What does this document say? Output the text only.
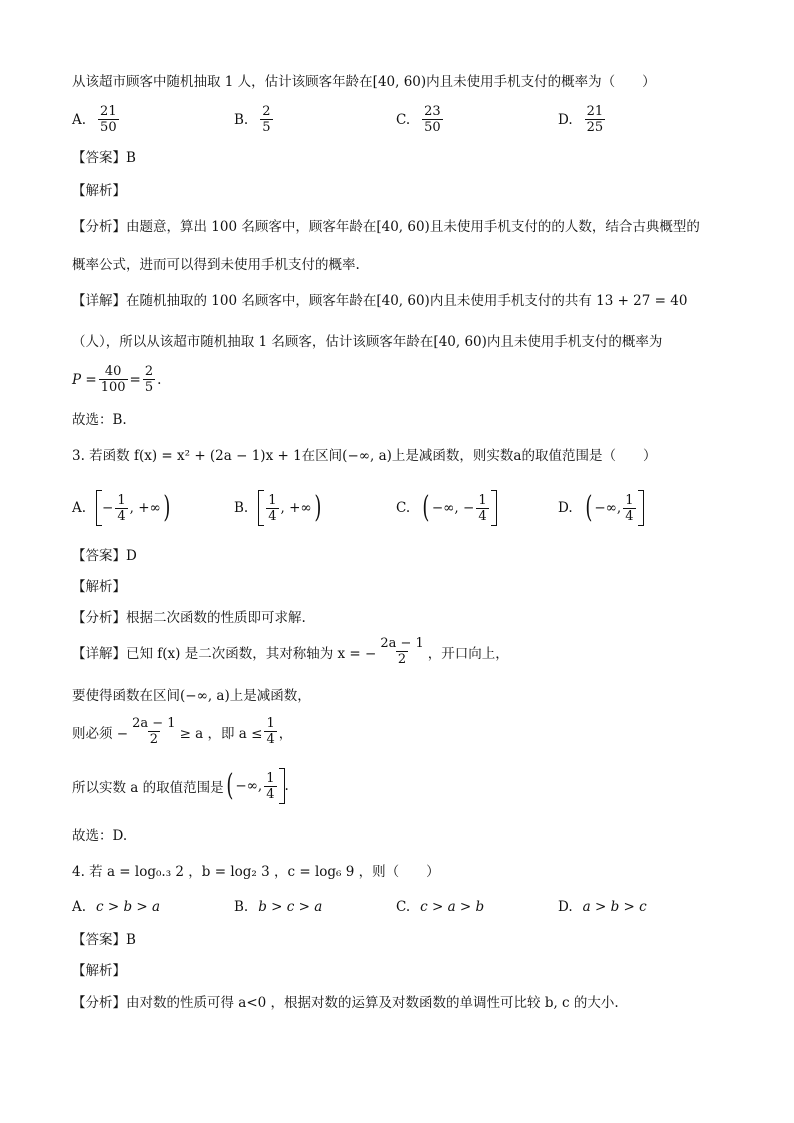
从该超市顾客中随机抽取 1 人，估计该顾客年龄在[40, 60)内且未使用手机支付的概率为（　　）
A. $\frac{21}{50}$	B. $\frac{2}{5}$	C. $\frac{23}{50}$	D. $\frac{21}{25}$
【答案】B
【解析】
【分析】由题意，算出 100 名顾客中，顾客年龄在[40, 60)且未使用手机支付的的人数，结合古典概型的
概率公式，进而可以得到未使用手机支付的概率.
【详解】在随机抽取的 100 名顾客中，顾客年龄在[40, 60)内且未使用手机支付的共有 13 + 27 = 40
（人），所以从该超市随机抽取 1 名顾客，估计该顾客年龄在[40, 60)内且未使用手机支付的概率为
$P = \frac{40}{100} = \frac{2}{5}$ .
故选：B.
3. 若函数 f(x) = x² + (2a − 1)x + 1在区间(−∞, a)上是减函数，则实数a的取值范围是（　　）
A. − $\frac{1}{4}$ , +∞ )	B. $\frac{1}{4}$ , +∞ )	C. ( −∞, − $\frac{1}{4}$	D. ( −∞, $\frac{1}{4}$
【答案】D
【解析】
【分析】根据二次函数的性质即可求解.
【详解】已知 f(x) 是二次函数，其对称轴为 x = − $\frac{2a - 1}{2}$ ，开口向上，
要使得函数在区间(−∞, a)上是减函数，
则必须 − $\frac{2a - 1}{2} \ge a$ ，即 $a \le \frac{1}{4}$ ，
所以实数 a 的取值范围是 ( −∞, $\frac{1}{4}$ .
故选：D.
4. 若 a = log₀.₃ 2 ，b = log₂ 3 ，c = log₆ 9 ，则（　　）
A. c > b > a	B. b > c > a	C. c > a > b	D. a > b > c
【答案】B
【解析】
【分析】由对数的性质可得 a<0 ，根据对数的运算及对数函数的单调性可比较 b, c 的大小.
